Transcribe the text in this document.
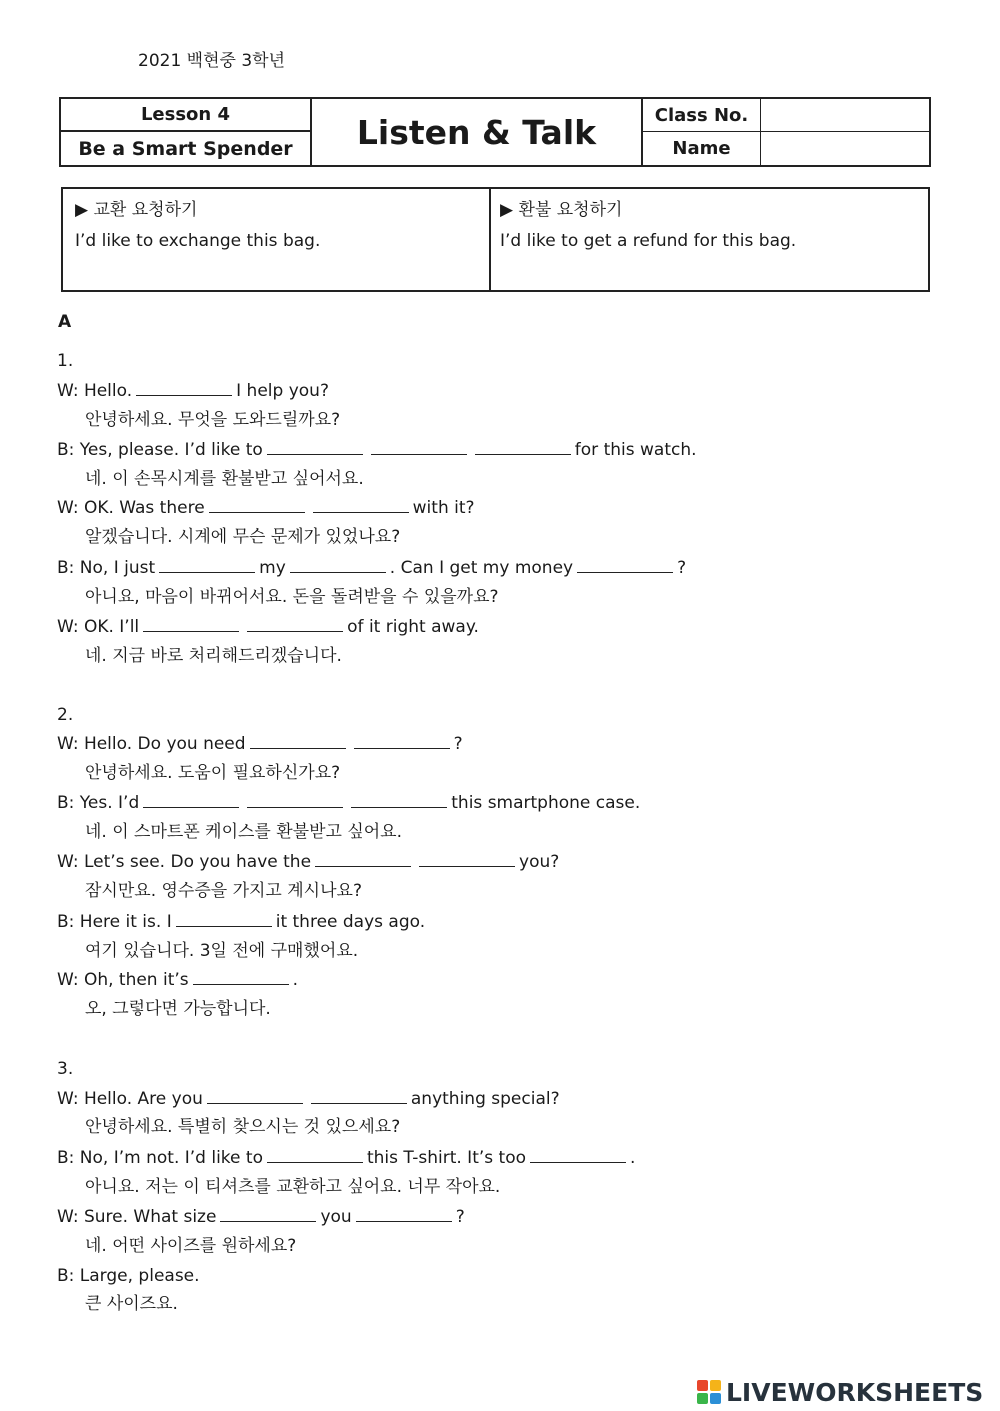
2021 백현중 3학년
Lesson 4
Be a Smart Spender	Listen & Talk	Class No.
Name
▶ 교환 요청하기
I’d like to exchange this bag.
▶ 환불 요청하기
I’d like to get a refund for this bag.
A
1.
W: Hello.	I help you?
안녕하세요. 무엇을 도와드릴까요?
B: Yes, please. I’d like to	for this watch.
네. 이 손목시계를 환불받고 싶어서요.
W: OK. Was there	with it?
알겠습니다. 시계에 무슨 문제가 있었나요?
B: No, I just	my	. Can I get my money	?
아니요, 마음이 바뀌어서요. 돈을 돌려받을 수 있을까요?
W: OK. I’ll	of it right away.
네. 지금 바로 처리해드리겠습니다.
2.
W: Hello. Do you need	?
안녕하세요. 도움이 필요하신가요?
B: Yes. I’d	this smartphone case.
네. 이 스마트폰 케이스를 환불받고 싶어요.
W: Let’s see. Do you have the	you?
잠시만요. 영수증을 가지고 계시나요?
B: Here it is. I	it three days ago.
여기 있습니다. 3일 전에 구매했어요.
W: Oh, then it’s	.
오, 그렇다면 가능합니다.
3.
W: Hello. Are you	anything special?
안녕하세요. 특별히 찾으시는 것 있으세요?
B: No, I’m not. I’d like to	this T-shirt. It’s too	.
아니요. 저는 이 티셔츠를 교환하고 싶어요. 너무 작아요.
W: Sure. What size	you	?
네. 어떤 사이즈를 원하세요?
B: Large, please.
큰 사이즈요.
LIVEWORKSHEETS
